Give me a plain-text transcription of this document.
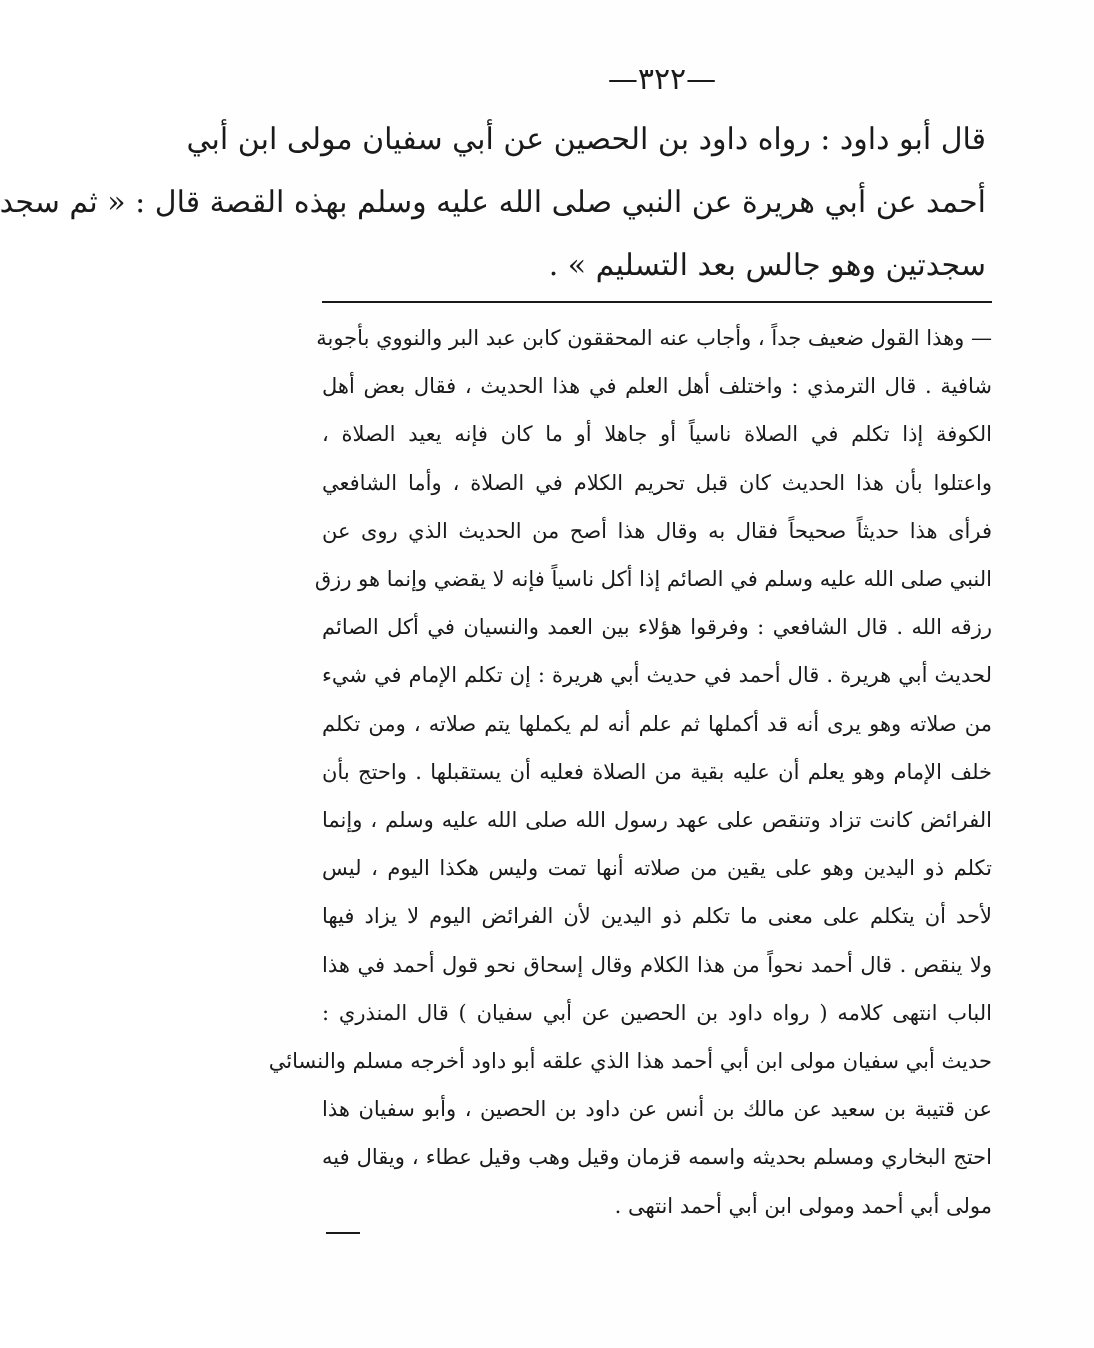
—٣٢٢—
قال أبو داود : رواه داود بن الحصين عن أبي سفيان مولى ابن أبي
أحمد عن أبي هريرة عن النبي صلى الله عليه وسلم بهذه القصة قال : « ثم سجد
سجدتين وهو جالس بعد التسليم » .
— وهذا القول ضعيف جداً ، وأجاب عنه المحققون كابن عبد البر والنووي بأجوبة
شافية . قال الترمذي : واختلف أهل العلم في هذا الحديث ، فقال بعض أهل
الكوفة إذا تكلم في الصلاة ناسياً أو جاهلا أو ما كان فإنه يعيد الصلاة ،
واعتلوا بأن هذا الحديث كان قبل تحريم الكلام في الصلاة ، وأما الشافعي
فرأى هذا حديثاً صحيحاً فقال به وقال هذا أصح من الحديث الذي روى عن
النبي صلى الله عليه وسلم في الصائم إذا أكل ناسياً فإنه لا يقضي وإنما هو رزق
رزقه الله . قال الشافعي : وفرقوا هؤلاء بين العمد والنسيان في أكل الصائم
لحديث أبي هريرة . قال أحمد في حديث أبي هريرة : إن تكلم الإمام في شيء
من صلاته وهو يرى أنه قد أكملها ثم علم أنه لم يكملها يتم صلاته ، ومن تكلم
خلف الإمام وهو يعلم أن عليه بقية من الصلاة فعليه أن يستقبلها . واحتج بأن
الفرائض كانت تزاد وتنقص على عهد رسول الله صلى الله عليه وسلم ، وإنما
تكلم ذو اليدين وهو على يقين من صلاته أنها تمت وليس هكذا اليوم ، ليس
لأحد أن يتكلم على معنى ما تكلم ذو اليدين لأن الفرائض اليوم لا يزاد فيها
ولا ينقص . قال أحمد نحواً من هذا الكلام وقال إسحاق نحو قول أحمد في هذا
الباب انتهى كلامه ( رواه داود بن الحصين عن أبي سفيان ) قال المنذري :
حديث أبي سفيان مولى ابن أبي أحمد هذا الذي علقه أبو داود أخرجه مسلم والنسائي
عن قتيبة بن سعيد عن مالك بن أنس عن داود بن الحصين ، وأبو سفيان هذا
احتج البخاري ومسلم بحديثه واسمه قزمان وقيل وهب وقيل عطاء ، ويقال فيه
مولى أبي أحمد ومولى ابن أبي أحمد انتهى .
